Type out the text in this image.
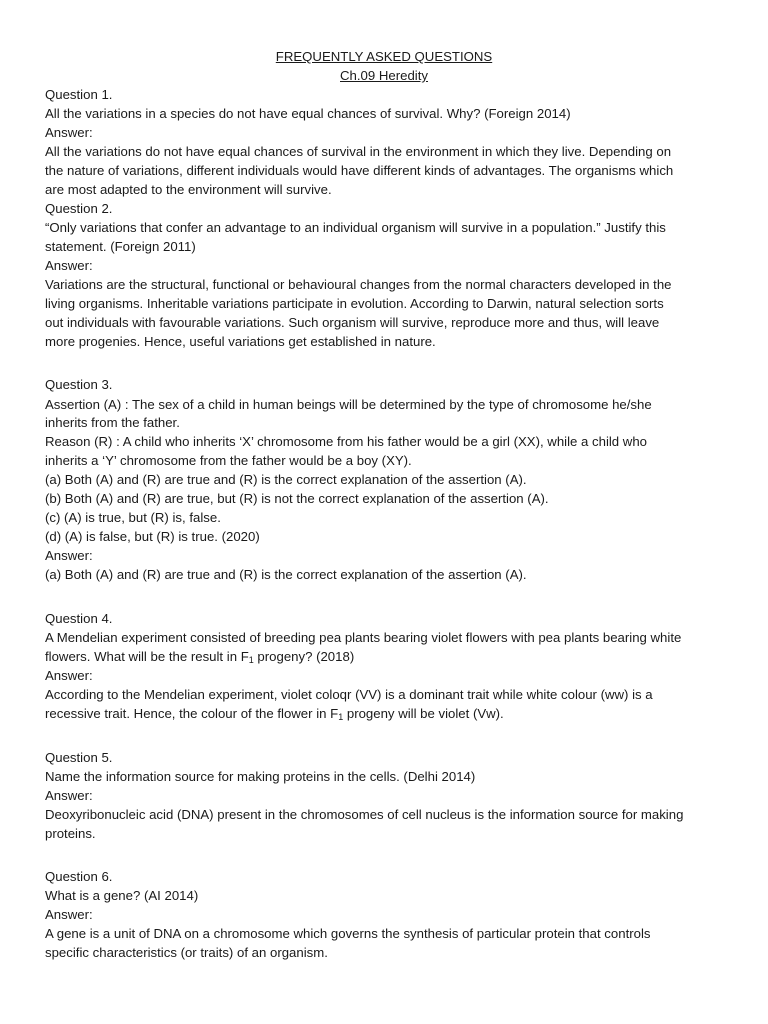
FREQUENTLY ASKED QUESTIONS
Ch.09 Heredity
Question 1.
All the variations in a species do not have equal chances of survival. Why? (Foreign 2014)
Answer:
All the variations do not have equal chances of survival in the environment in which they live. Depending on
the nature of variations, different individuals would have different kinds of advantages. The organisms which
are most adapted to the environment will survive.
Question 2.
“Only variations that confer an advantage to an individual organism will survive in a population.” Justify this
statement. (Foreign 2011)
Answer:
Variations are the structural, functional or behavioural changes from the normal characters developed in the
living organisms. Inheritable variations participate in evolution. According to Darwin, natural selection sorts
out individuals with favourable variations. Such organism will survive, reproduce more and thus, will leave
more progenies. Hence, useful variations get established in nature.
Question 3.
Assertion (A) : The sex of a child in human beings will be determined by the type of chromosome he/she
inherits from the father.
Reason (R) : A child who inherits ‘X’ chromosome from his father would be a girl (XX), while a child who
inherits a ‘Y’ chromosome from the father would be a boy (XY).
(a) Both (A) and (R) are true and (R) is the correct explanation of the assertion (A).
(b) Both (A) and (R) are true, but (R) is not the correct explanation of the assertion (A).
(c) (A) is true, but (R) is, false.
(d) (A) is false, but (R) is true. (2020)
Answer:
(a) Both (A) and (R) are true and (R) is the correct explanation of the assertion (A).
Question 4.
A Mendelian experiment consisted of breeding pea plants bearing violet flowers with pea plants bearing white
flowers. What will be the result in $F_1$ progeny? (2018)
Answer:
According to the Mendelian experiment, violet coloqr (VV) is a dominant trait while white colour (ww) is a
recessive trait. Hence, the colour of the flower in $F_1$ progeny will be violet (Vw).
Question 5.
Name the information source for making proteins in the cells. (Delhi 2014)
Answer:
Deoxyribonucleic acid (DNA) present in the chromosomes of cell nucleus is the information source for making
proteins.
Question 6.
What is a gene? (AI 2014)
Answer:
A gene is a unit of DNA on a chromosome which governs the synthesis of particular protein that controls
specific characteristics (or traits) of an organism.
